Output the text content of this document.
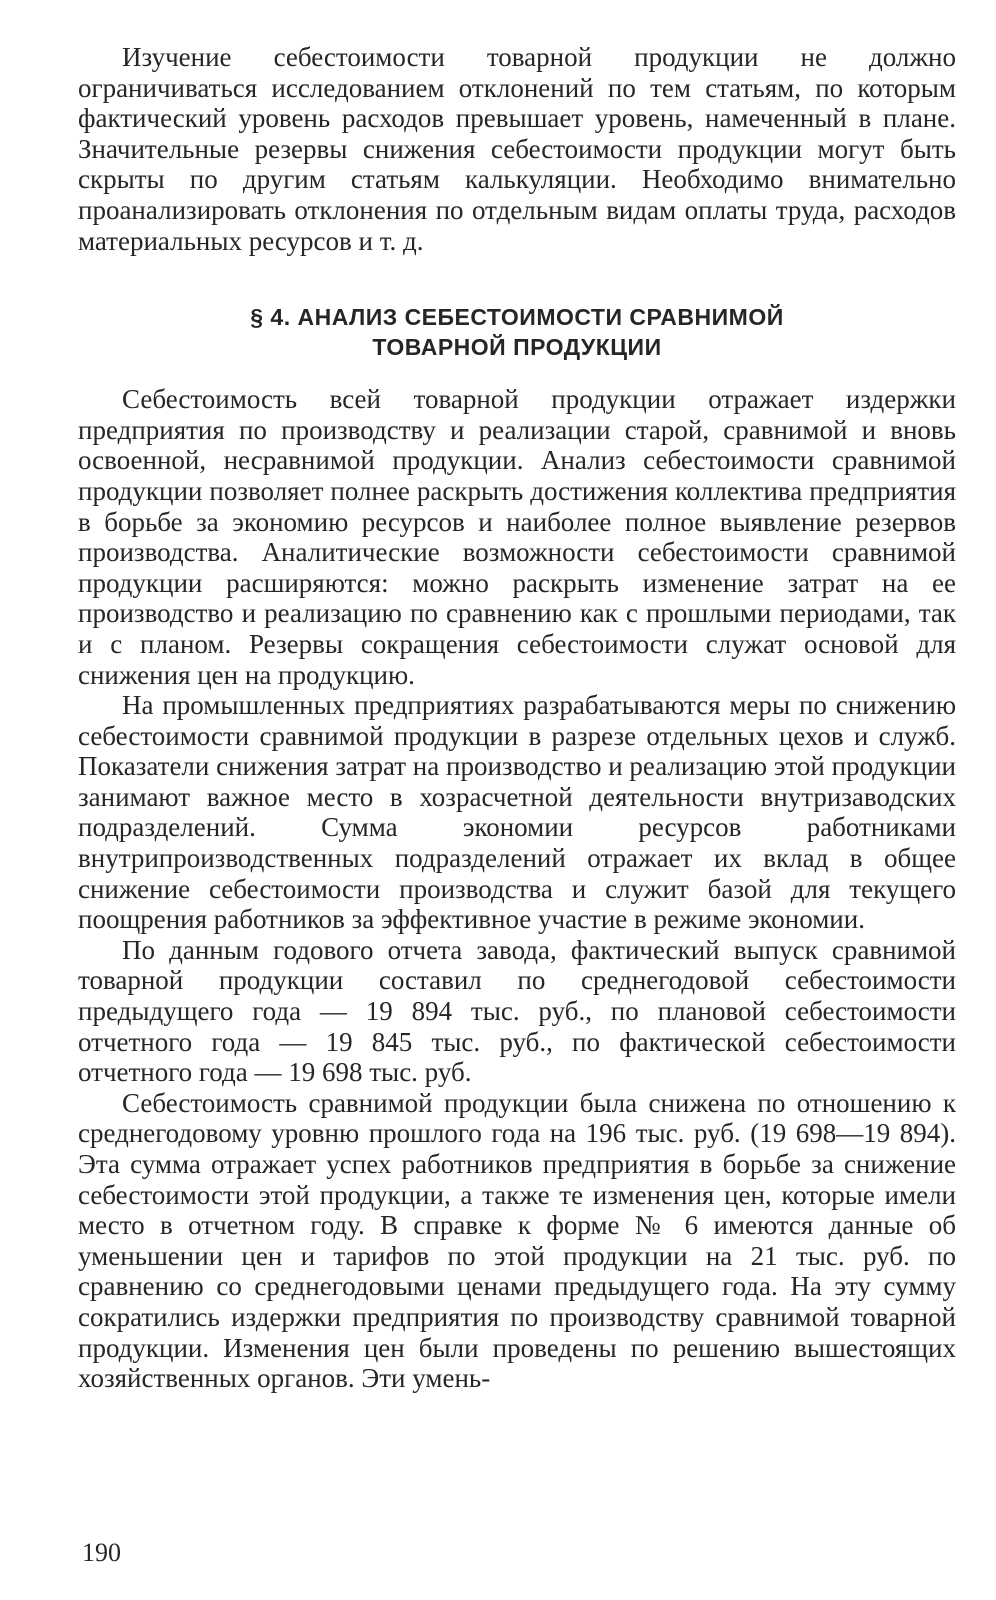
Изучение себестоимости товарной продукции не должно ограничиваться исследованием отклонений по тем статьям, по которым фактический уровень расходов превышает уровень, намеченный в плане. Значительные резервы снижения себестоимости продукции могут быть скрыты по другим статьям калькуляции. Необходимо внимательно проанализировать отклонения по отдельным видам оплаты труда, расходов материальных ресурсов и т. д.

§ 4. АНАЛИЗ СЕБЕСТОИМОСТИ СРАВНИМОЙ
ТОВАРНОЙ ПРОДУКЦИИ

Себестоимость всей товарной продукции отражает издержки предприятия по производству и реализации старой, сравнимой и вновь освоенной, несравнимой продукции. Анализ себестоимости сравнимой продукции позволяет полнее раскрыть достижения коллектива предприятия в борьбе за экономию ресурсов и наиболее полное выявление резервов производства. Аналитические возможности себестоимости сравнимой продукции расширяются: можно раскрыть изменение затрат на ее производство и реализацию по сравнению как с прошлыми периодами, так и с планом. Резервы сокращения себестоимости служат основой для снижения цен на продукцию.

На промышленных предприятиях разрабатываются меры по снижению себестоимости сравнимой продукции в разрезе отдельных цехов и служб. Показатели снижения затрат на производство и реализацию этой продукции занимают важное место в хозрасчетной деятельности внутризаводских подразделений. Сумма экономии ресурсов работниками внутрипроизводственных подразделений отражает их вклад в общее снижение себестоимости производства и служит базой для текущего поощрения работников за эффективное участие в режиме экономии.

По данным годового отчета завода, фактический выпуск сравнимой товарной продукции составил по среднегодовой себестоимости предыдущего года — 19 894 тыс. руб., по плановой себестоимости отчетного года — 19 845 тыс. руб., по фактической себестоимости отчетного года — 19 698 тыс. руб.

Себестоимость сравнимой продукции была снижена по отношению к среднегодовому уровню прошлого года на 196 тыс. руб. (19 698—19 894). Эта сумма отражает успех работников предприятия в борьбе за снижение себестоимости этой продукции, а также те изменения цен, которые имели место в отчетном году. В справке к форме № 6 имеются данные об уменьшении цен и тарифов по этой продукции на 21 тыс. руб. по сравнению со среднегодовыми ценами предыдущего года. На эту сумму сократились издержки предприятия по производству сравнимой товарной продукции. Изменения цен были проведены по решению вышестоящих хозяйственных органов. Эти умень-

190
